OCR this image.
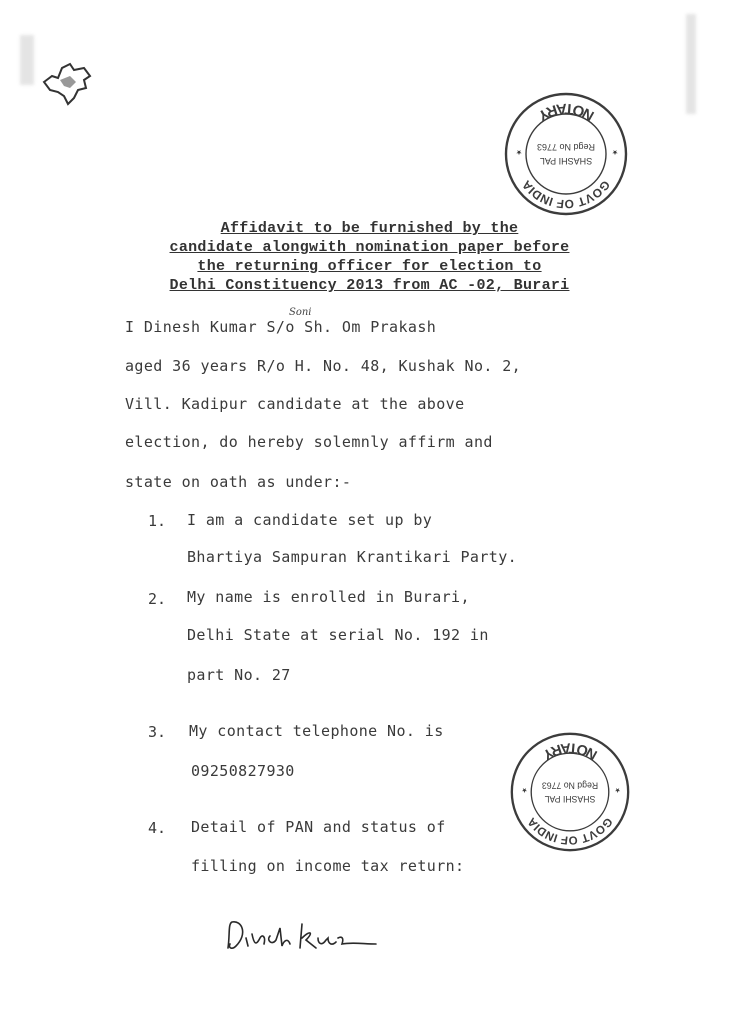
GOVT OF INDIA
NOTARY
SHASHI PAL
Regd No 7763 ★
★
Affidavit to be furnished by the
candidate alongwith nomination paper before
the returning officer for election to
Delhi Constituency 2013 from AC -02, Burari
Soni
I Dinesh Kumar S/o Sh. Om Prakash
aged 36 years R/o H. No. 48, Kushak No. 2,
Vill. Kadipur candidate at the above
election, do hereby solemnly affirm and
state on oath as under:-
1. I am a candidate set up by
Bhartiya Sampuran Krantikari Party.
2. My name is enrolled in Burari,
Delhi State at serial No. 192 in
part No. 27
3. My contact telephone No. is
09250827930
4. Detail of PAN and status of
filling on income tax return:
GOVT OF INDIA
NOTARY
SHASHI PAL
Regd No 7763 ★
★
